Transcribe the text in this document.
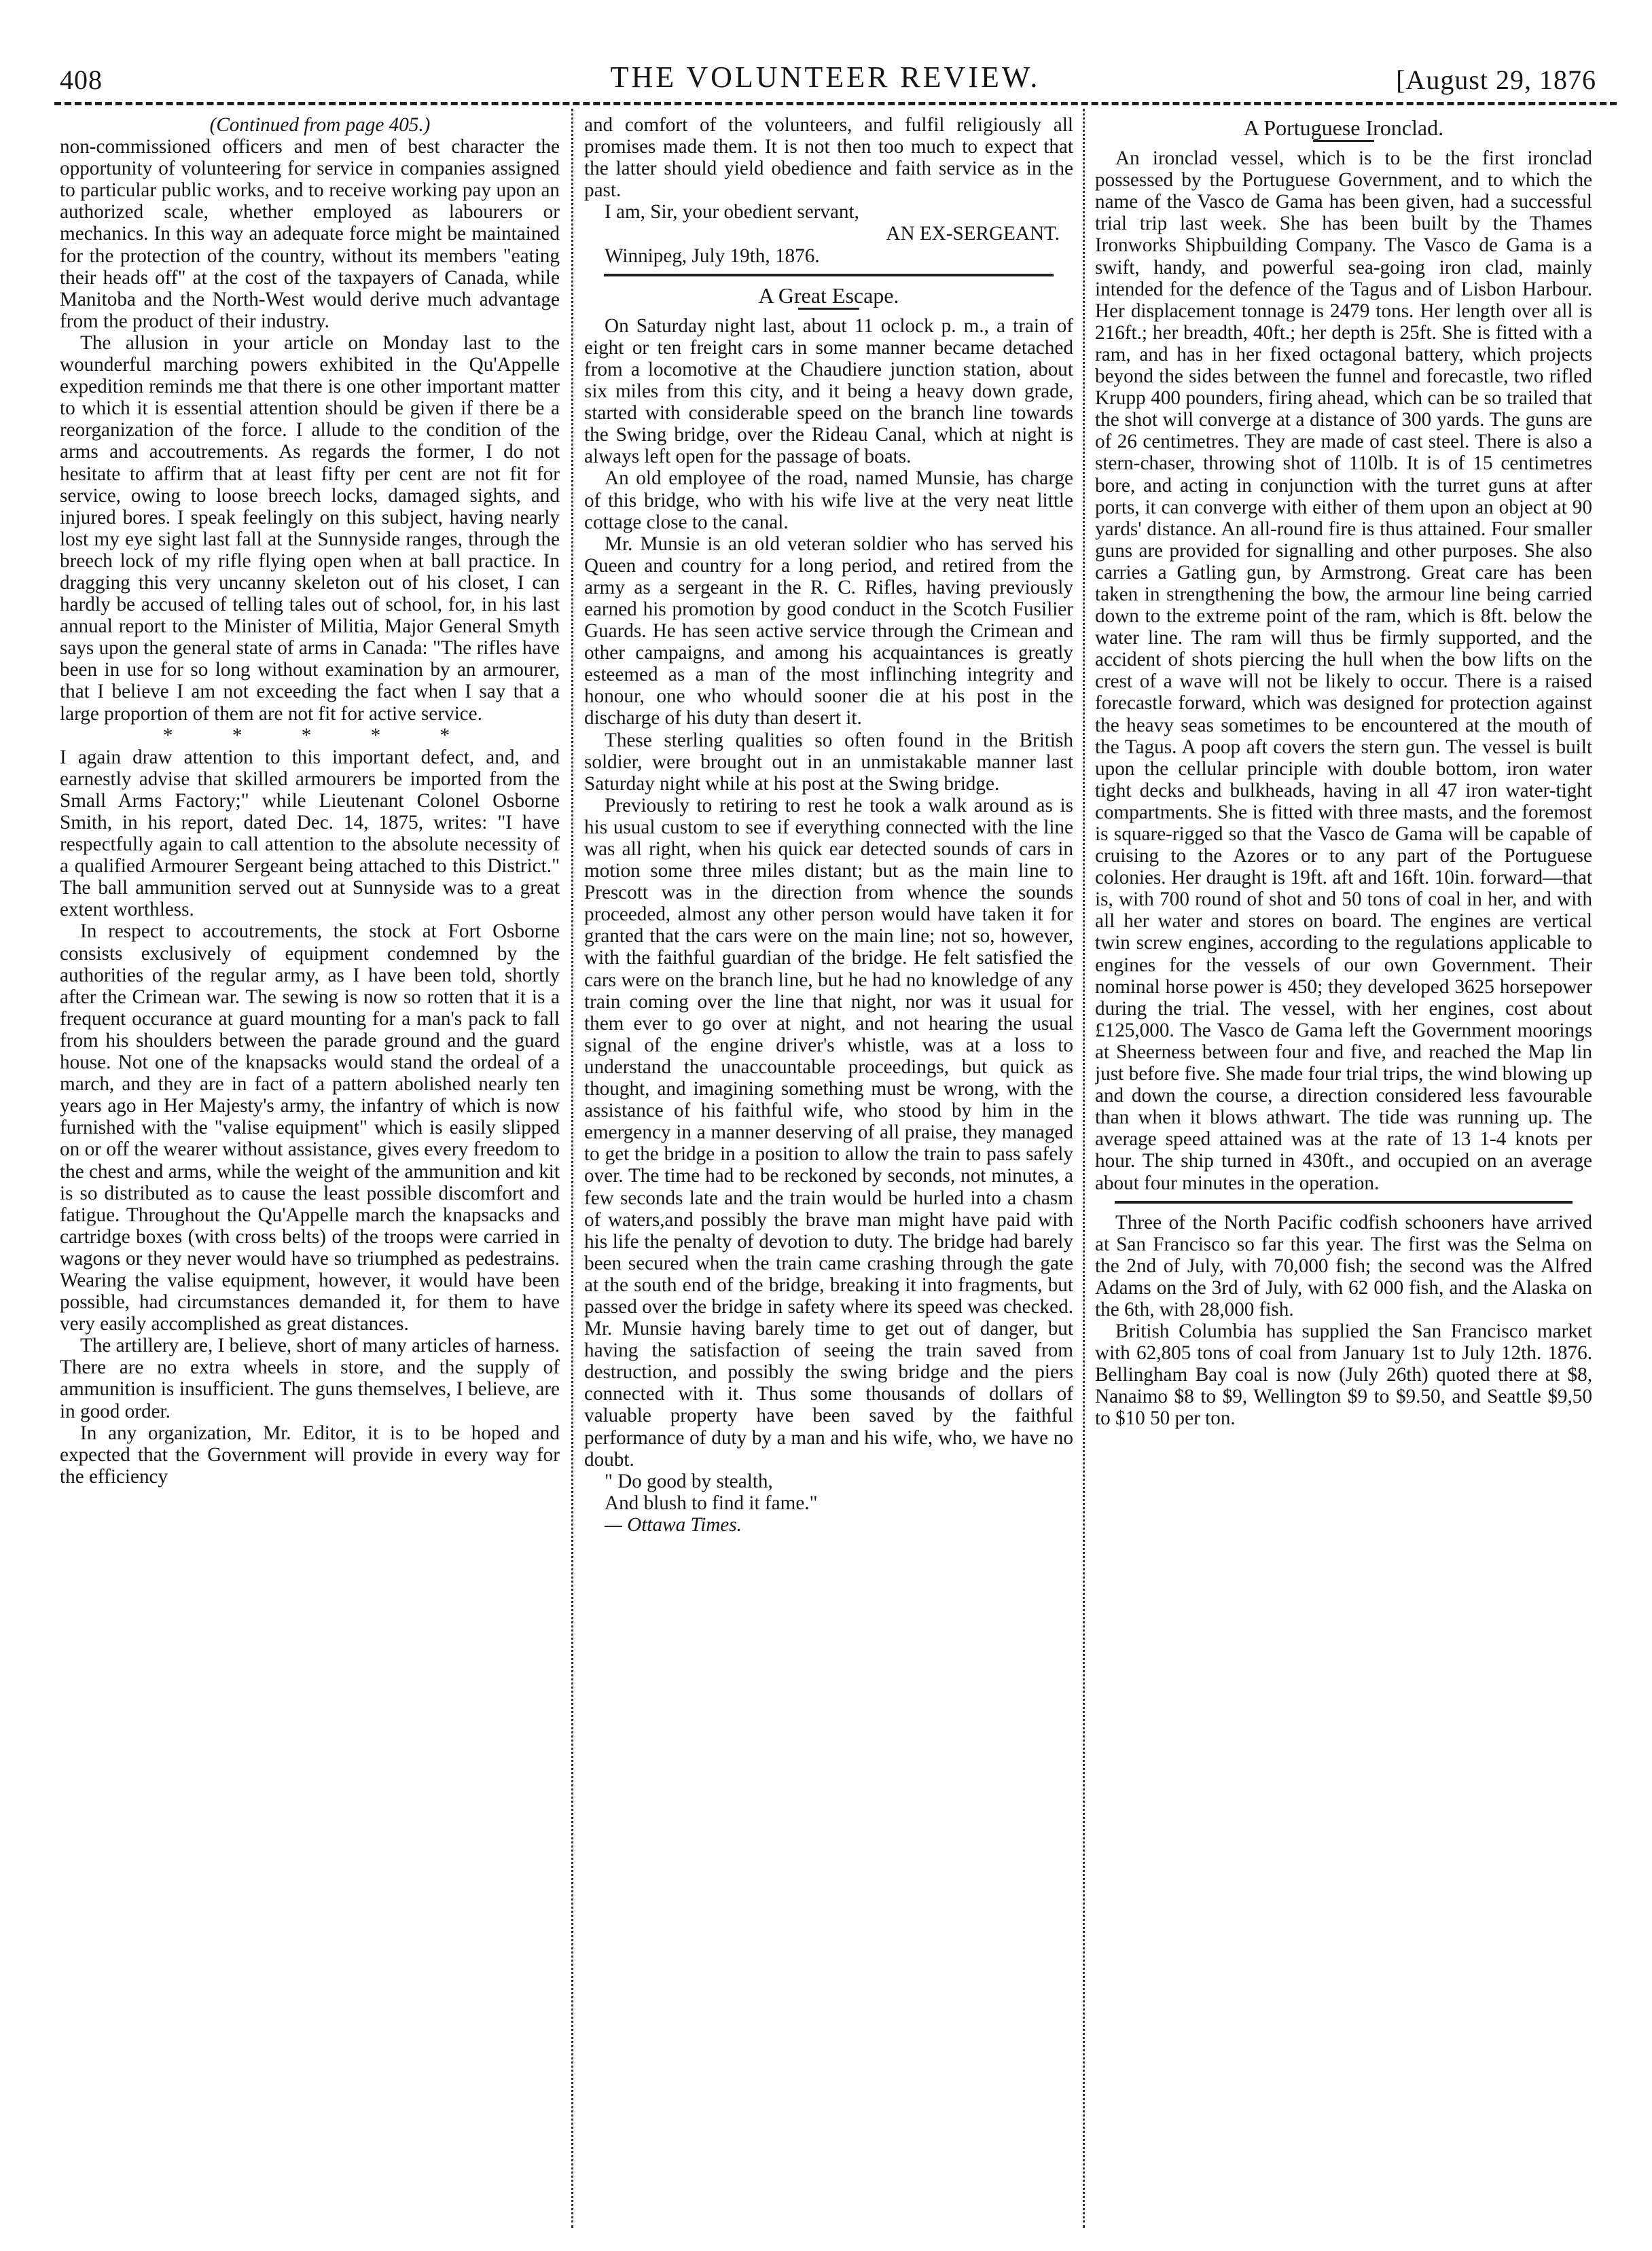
408	THE VOLUNTEER REVIEW.	[August 29, 1876

(Continued from page 405.)

non-commissioned officers and men of best character the opportunity of volunteering for service in companies assigned to particular public works, and to receive working pay upon an authorized scale, whether employed as labourers or mechanics. In this way an adequate force might be maintained for the protection of the country, without its members "eating their heads off" at the cost of the taxpayers of Canada, while Manitoba and the North-West would derive much advantage from the product of their industry.

The allusion in your article on Monday last to the wounderful marching powers exhibited in the Qu'Appelle expedition reminds me that there is one other important matter to which it is essential attention should be given if there be a reorganization of the force. I allude to the condition of the arms and accoutrements. As regards the former, I do not hesitate to affirm that at least fifty per cent are not fit for service, owing to loose breech locks, damaged sights, and injured bores. I speak feelingly on this subject, having nearly lost my eye sight last fall at the Sunnyside ranges, through the breech lock of my rifle flying open when at ball practice. In dragging this very uncanny skeleton out of his closet, I can hardly be accused of telling tales out of school, for, in his last annual report to the Minister of Militia, Major General Smyth says upon the general state of arms in Canada: "The rifles have been in use for so long without examination by an armourer, that I believe I am not exceeding the fact when I say that a large proportion of them are not fit for active service.

* * * * *

I again draw attention to this important defect, and, and earnestly advise that skilled armourers be imported from the Small Arms Factory;" while Lieutenant Colonel Osborne Smith, in his report, dated Dec. 14, 1875, writes: "I have respectfully again to call attention to the absolute necessity of a qualified Armourer Sergeant being attached to this District." The ball ammunition served out at Sunnyside was to a great extent worthless.

In respect to accoutrements, the stock at Fort Osborne consists exclusively of equipment condemned by the authorities of the regular army, as I have been told, shortly after the Crimean war. The sewing is now so rotten that it is a frequent occurance at guard mounting for a man's pack to fall from his shoulders between the parade ground and the guard house. Not one of the knapsacks would stand the ordeal of a march, and they are in fact of a pattern abolished nearly ten years ago in Her Majesty's army, the infantry of which is now furnished with the "valise equipment" which is easily slipped on or off the wearer without assistance, gives every freedom to the chest and arms, while the weight of the ammunition and kit is so distributed as to cause the least possible discomfort and fatigue. Throughout the Qu'Appelle march the knapsacks and cartridge boxes (with cross belts) of the troops were carried in wagons or they never would have so triumphed as pedestrains. Wearing the valise equipment, however, it would have been possible, had circumstances demanded it, for them to have very easily accomplished as great distances.

The artillery are, I believe, short of many articles of harness. There are no extra wheels in store, and the supply of ammunition is insufficient. The guns themselves, I believe, are in good order.

In any organization, Mr. Editor, it is to be hoped and expected that the Government will provide in every way for the efficiency

and comfort of the volunteers, and fulfil religiously all promises made them. It is not then too much to expect that the latter should yield obedience and faith service as in the past.

I am, Sir, your obedient servant,

AN EX-SERGEANT.

Winnipeg, July 19th, 1876.

A Great Escape.

On Saturday night last, about 11 oclock p. m., a train of eight or ten freight cars in some manner became detached from a locomotive at the Chaudiere junction station, about six miles from this city, and it being a heavy down grade, started with considerable speed on the branch line towards the Swing bridge, over the Rideau Canal, which at night is always left open for the passage of boats.

An old employee of the road, named Munsie, has charge of this bridge, who with his wife live at the very neat little cottage close to the canal.

Mr. Munsie is an old veteran soldier who has served his Queen and country for a long period, and retired from the army as a sergeant in the R. C. Rifles, having previously earned his promotion by good conduct in the Scotch Fusilier Guards. He has seen active service through the Crimean and other campaigns, and among his acquaintances is greatly esteemed as a man of the most inflinching integrity and honour, one who whould sooner die at his post in the discharge of his duty than desert it.

These sterling qualities so often found in the British soldier, were brought out in an unmistakable manner last Saturday night while at his post at the Swing bridge.

Previously to retiring to rest he took a walk around as is his usual custom to see if everything connected with the line was all right, when his quick ear detected sounds of cars in motion some three miles distant; but as the main line to Prescott was in the direction from whence the sounds proceeded, almost any other person would have taken it for granted that the cars were on the main line; not so, however, with the faithful guardian of the bridge. He felt satisfied the cars were on the branch line, but he had no knowledge of any train coming over the line that night, nor was it usual for them ever to go over at night, and not hearing the usual signal of the engine driver's whistle, was at a loss to understand the unaccountable proceedings, but quick as thought, and imagining something must be wrong, with the assistance of his faithful wife, who stood by him in the emergency in a manner deserving of all praise, they managed to get the bridge in a position to allow the train to pass safely over. The time had to be reckoned by seconds, not minutes, a few seconds late and the train would be hurled into a chasm of waters,and possibly the brave man might have paid with his life the penalty of devotion to duty. The bridge had barely been secured when the train came crashing through the gate at the south end of the bridge, breaking it into fragments, but passed over the bridge in safety where its speed was checked. Mr. Munsie having barely time to get out of danger, but having the satisfaction of seeing the train saved from destruction, and possibly the swing bridge and the piers connected with it. Thus some thousands of dollars of valuable property have been saved by the faithful performance of duty by a man and his wife, who, we have no doubt.

" Do good by stealth,

And blush to find it fame."

— Ottawa Times.

A Portuguese Ironclad.

An ironclad vessel, which is to be the first ironclad possessed by the Portuguese Government, and to which the name of the Vasco de Gama has been given, had a successful trial trip last week. She has been built by the Thames Ironworks Shipbuilding Company. The Vasco de Gama is a swift, handy, and powerful sea-going iron clad, mainly intended for the defence of the Tagus and of Lisbon Harbour. Her displacement tonnage is 2479 tons. Her length over all is 216ft.; her breadth, 40ft.; her depth is 25ft. She is fitted with a ram, and has in her fixed octagonal battery, which projects beyond the sides between the funnel and forecastle, two rifled Krupp 400 pounders, firing ahead, which can be so trailed that the shot will converge at a distance of 300 yards. The guns are of 26 centimetres. They are made of cast steel. There is also a stern-chaser, throwing shot of 110lb. It is of 15 centimetres bore, and acting in conjunction with the turret guns at after ports, it can converge with either of them upon an object at 90 yards' distance. An all-round fire is thus attained. Four smaller guns are provided for signalling and other purposes. She also carries a Gatling gun, by Armstrong. Great care has been taken in strengthening the bow, the armour line being carried down to the extreme point of the ram, which is 8ft. below the water line. The ram will thus be firmly supported, and the accident of shots piercing the hull when the bow lifts on the crest of a wave will not be likely to occur. There is a raised forecastle forward, which was designed for protection against the heavy seas sometimes to be encountered at the mouth of the Tagus. A poop aft covers the stern gun. The vessel is built upon the cellular principle with double bottom, iron water tight decks and bulkheads, having in all 47 iron water-tight compartments. She is fitted with three masts, and the foremost is square-rigged so that the Vasco de Gama will be capable of cruising to the Azores or to any part of the Portuguese colonies. Her draught is 19ft. aft and 16ft. 10in. forward—that is, with 700 round of shot and 50 tons of coal in her, and with all her water and stores on board. The engines are vertical twin screw engines, according to the regulations applicable to engines for the vessels of our own Government. Their nominal horse power is 450; they developed 3625 horsepower during the trial. The vessel, with her engines, cost about £125,000. The Vasco de Gama left the Government moorings at Sheerness between four and five, and reached the Map lin just before five. She made four trial trips, the wind blowing up and down the course, a direction considered less favourable than when it blows athwart. The tide was running up. The average speed attained was at the rate of 13 1-4 knots per hour. The ship turned in 430ft., and occupied on an average about four minutes in the operation.

Three of the North Pacific codfish schooners have arrived at San Francisco so far this year. The first was the Selma on the 2nd of July, with 70,000 fish; the second was the Alfred Adams on the 3rd of July, with 62 000 fish, and the Alaska on the 6th, with 28,000 fish.

British Columbia has supplied the San Francisco market with 62,805 tons of coal from January 1st to July 12th. 1876. Bellingham Bay coal is now (July 26th) quoted there at $8, Nanaimo $8 to $9, Wellington $9 to $9.50, and Seattle $9,50 to $10 50 per ton.
